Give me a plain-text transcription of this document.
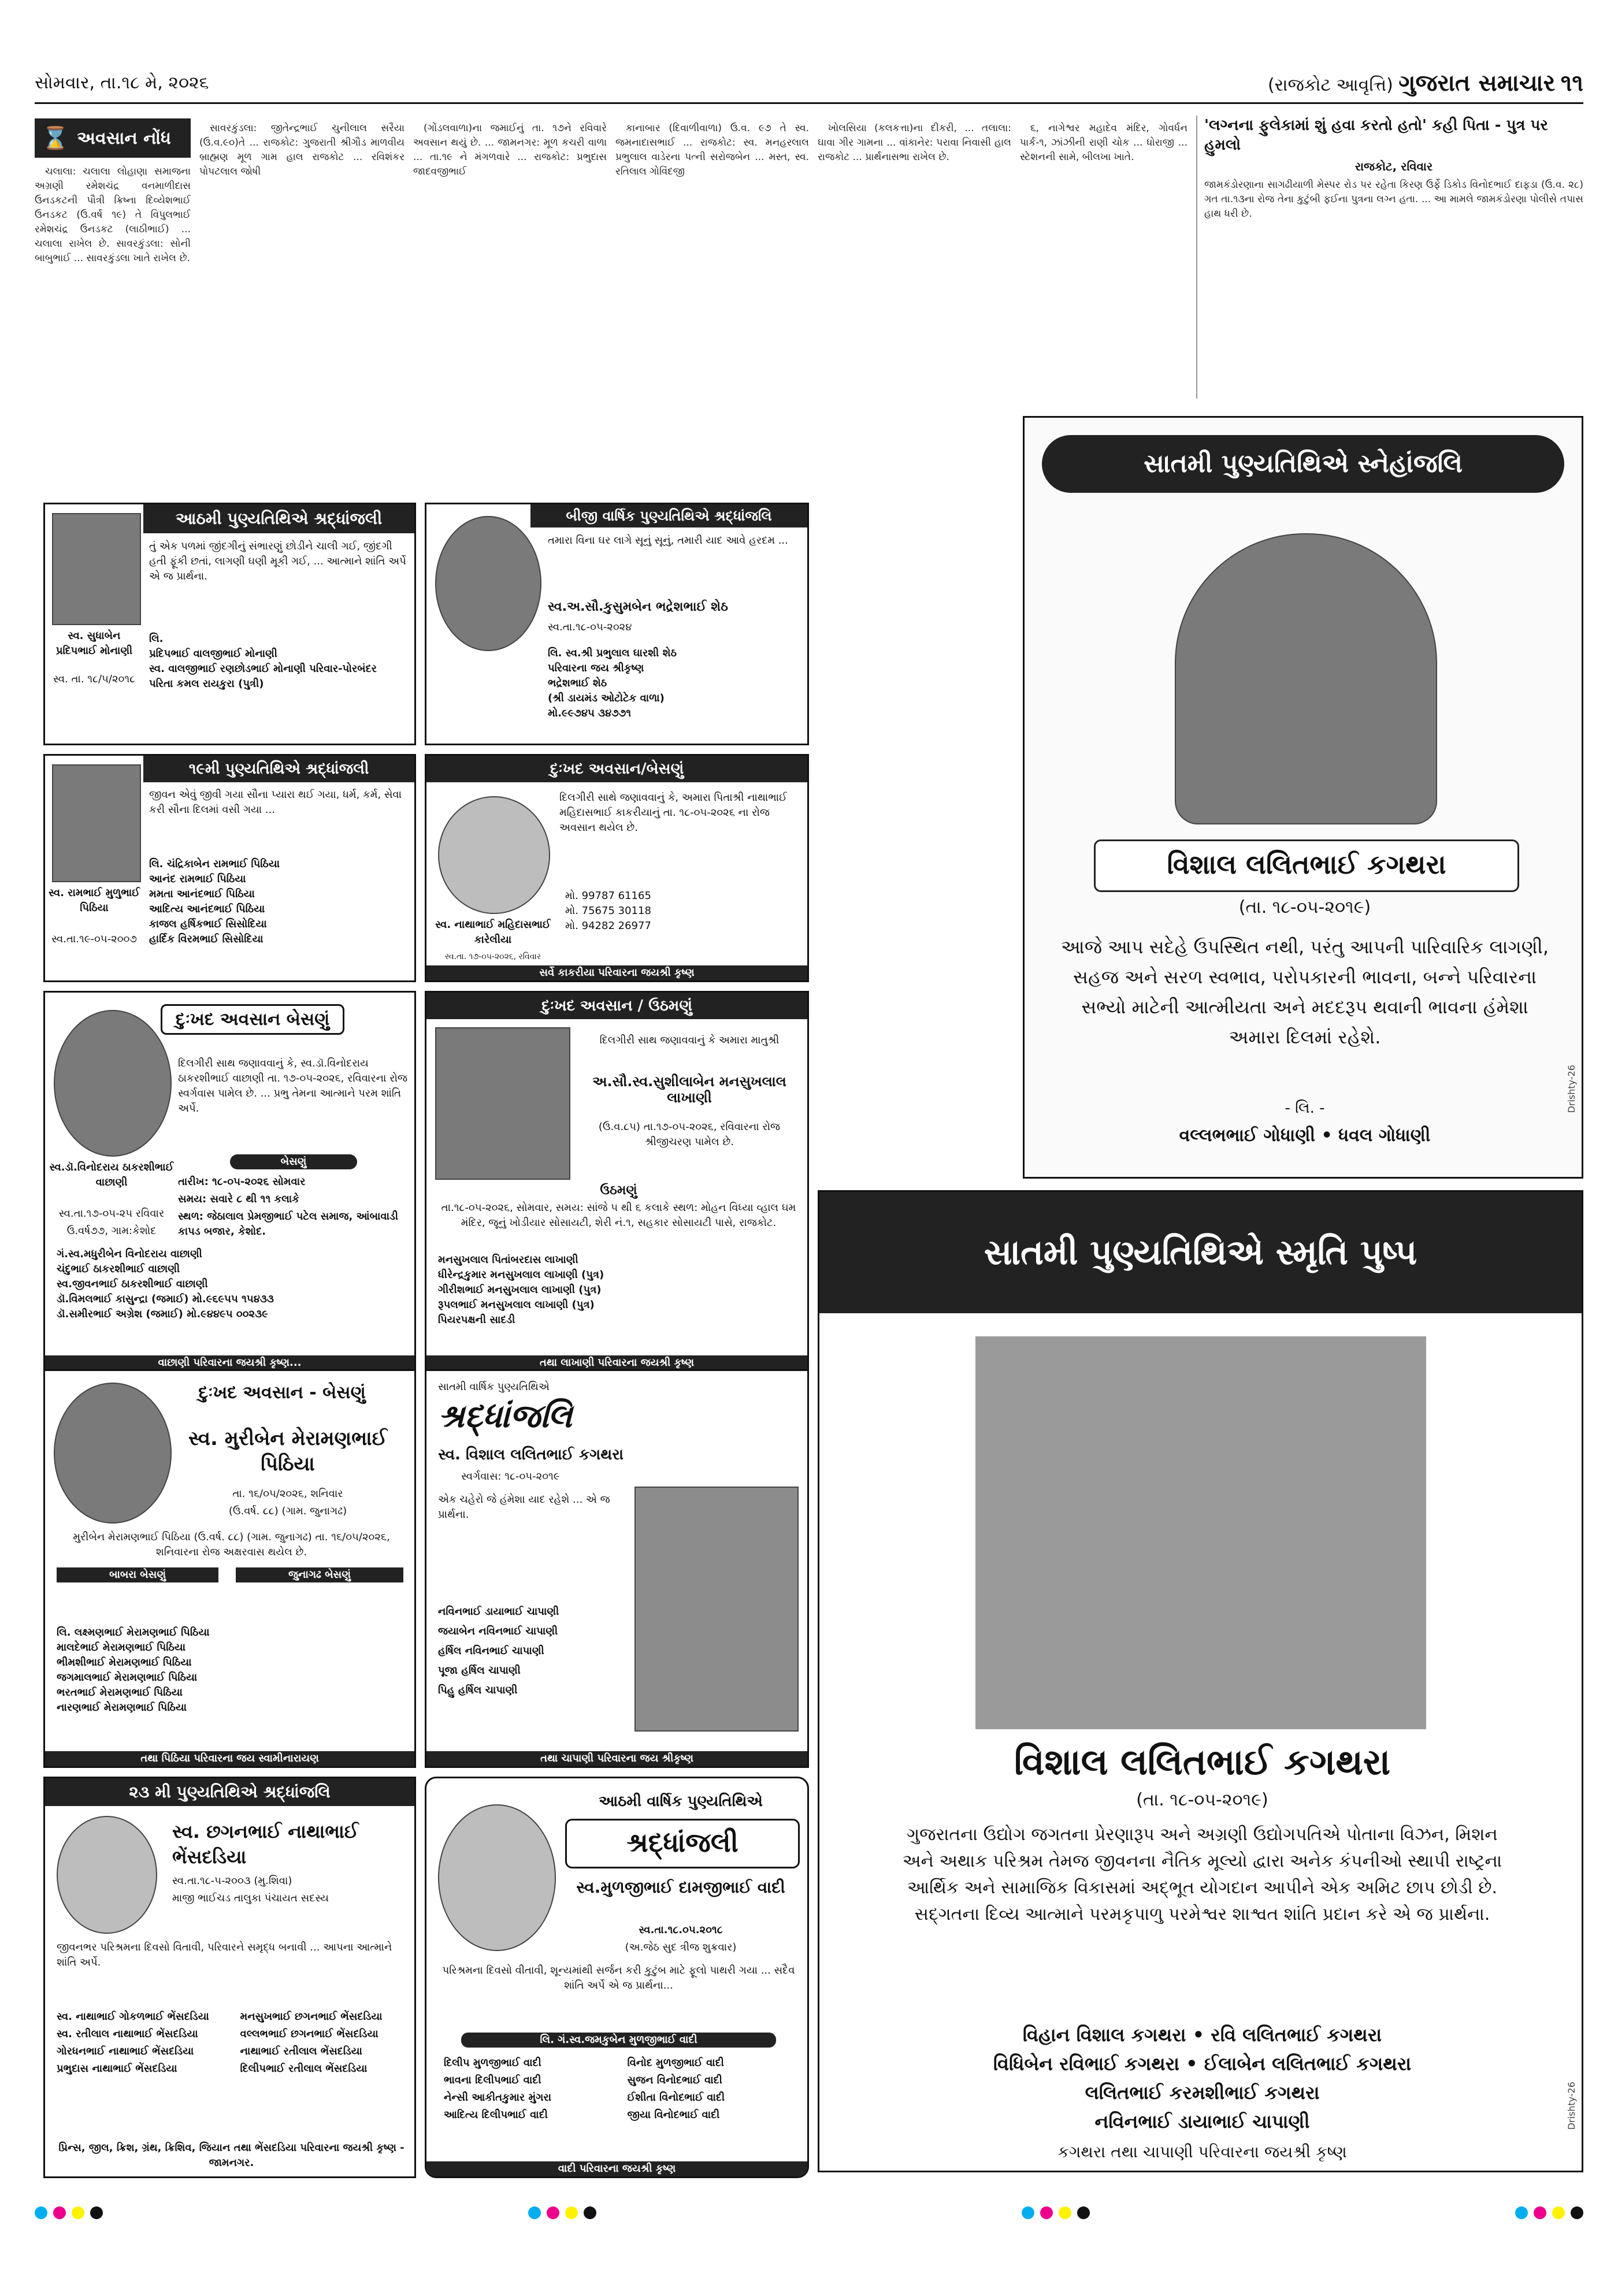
સોમવાર, તા.૧૮ મે, ૨૦૨૬	(રાજકોટ આવૃત્તિ) ગુજરાત સમાચાર ૧૧
⌛ અવસાન નોંધ

ચલાલા: ચલાલા લોહાણા સમાજના અગ્રણી રમેશચંદ્ર વનમાળીદાસ ઉનડકટની પૌત્રી ક્રિષ્ના દિવ્યેશભાઈ ઉનડકટ (ઉ.વર્ષ ૧૯) તે વિપુલભાઈ રમેશચંદ્ર ઉનડકટ (લાઠીભાઈ) ... ચલાલા રાખેલ છે. સાવરકુંડલા: સોની બાબુભાઈ ... સાવરકુંડલા ખાતે રાખેલ છે.

સાવરકુંડલા: જીતેન્દ્રભાઈ ચુનીલાલ સરૈયા (ઉ.વ.૯૦)તે ... રાજકોટ: ગુજરાતી શ્રીગૌડ માળવીય બ્રાહ્મણ મૂળ ગામ હાલ રાજકોટ ... રવિશંકર પોપટલાલ જોષી

(ગોંડલવાળા)ના જમાઈનું તા. ૧૭ને રવિવારે અવસાન થયું છે. ... જામનગર: મૂળ કચરી વાળા ... તા.૧૯ ને મંગળવારે ... રાજકોટ: પ્રભુદાસ જાદવજીભાઈ

કાનાબાર (દિવાળીવાળા) ઉ.વ. ૯૭ તે સ્વ. જમનાદાસભાઈ ... રાજકોટ: સ્વ. મનહરલાલ પ્રભુલાલ વાડેરના પત્ની સરોજબેન ... મસ્ત, સ્વ. રતિલાલ ગોવિંદજી

ખોલસિયા (કલકત્તા)ના દીકરી, ... તલાલા: ઘાવા ગીર ગામના ... વાંકાનેર: પરાવા નિવાસી હાલ રાજકોટ ... પ્રાર્થનાસભા રાખેલ છે.

૬, નાગેશ્વર મહાદેવ મંદિર, ગોવર્ધન પાર્ક-૧, ઝાંઝીની રાણી ચોક ... ધોરાજી ... સ્ટેશનની સામે, બીલખા ખાતે.

'લગ્નના ફુલેકામાં શું હવા કરતો હતો' કહી પિતા - પુત્ર પર હુમલો
રાજકોટ, રવિવાર
જામકંડોરણાના સાગઢીયાળી મેસ્પર રોડ પર રહેતા કિરણ ઉર્ફે ડિકોડ વિનોદભાઈ દાફડા (ઉ.વ. ૨૮) ગત તા.૧૩ના રોજ તેના કુટુંબી ફઈના પુત્રના લગ્ન હતા. ... આ મામલે જામકંડોરણા પોલીસે તપાસ હાથ ધરી છે.
સાતમી પુણ્યતિથિએ સ્નેહાંજલિ
વિશાલ લલિતભાઈ કગથરા
(તા. ૧૮-૦૫-૨૦૧૯)
આજે આપ સદેહે ઉપસ્થિત નથી, પરંતુ આપની પારિવારિક લાગણી, સહજ અને સરળ સ્વભાવ, પરોપકારની ભાવના, બન્ને પરિવારના સભ્યો માટેની આત્મીયતા અને મદદરૂપ થવાની ભાવના હંમેશા અમારા દિલમાં રહેશે.
- લિ. -
વલ્લભભાઈ ગોધાણી • ધવલ ગોધાણી
Drishty-26
સાતમી પુણ્યતિથિએ સ્મૃતિ પુષ્પ
વિશાલ લલિતભાઈ કગથરા
(તા. ૧૮-૦૫-૨૦૧૯)
ગુજરાતના ઉદ્યોગ જગતના પ્રેરણારૂપ અને અગ્રણી ઉદ્યોગપતિએ પોતાના વિઝન, મિશન અને અથાક પરિશ્રમ તેમજ જીવનના નૈતિક મૂલ્યો દ્વારા અનેક કંપનીઓ સ્થાપી રાષ્ટ્રના આર્થિક અને સામાજિક વિકાસમાં અદ્ભૂત યોગદાન આપીને એક અમિટ છાપ છોડી છે. સદ્ગતના દિવ્ય આત્માને પરમકૃપાળુ પરમેશ્વર શાશ્વત શાંતિ પ્રદાન કરે એ જ પ્રાર્થના.
વિહાન વિશાલ કગથરા • રવિ લલિતભાઈ કગથરા
વિધિબેન રવિભાઈ કગથરા • ઈલાબેન લલિતભાઈ કગથરા
લલિતભાઈ કરમશીભાઈ કગથરા
નવિનભાઈ ડાયાભાઈ ચાપાણી
કગથરા તથા ચાપાણી પરિવારના જયશ્રી કૃષ્ણ
Drishty-26
આઠમી પુણ્યતિથિએ શ્રદ્ધાંજલી
તું એક પળમાં જીંદગીનું સંભારણું છોડીને ચાલી ગઈ, જીંદગી હતી ફૂંકી છતાં, લાગણી ઘણી મૂકી ગઈ, ... આત્માને શાંતિ અર્પે એ જ પ્રાર્થના.
સ્વ. સુધાબેન પ્રદિપભાઈ મોનાણી
સ્વ. તા. ૧૮/૫/૨૦૧૮
લિ.
પ્રદિપભાઈ વાલજીભાઈ મોનાણી
સ્વ. વાલજીભાઈ રણછોડભાઈ મોનાણી પરિવાર-પોરબંદર
પરિતા કમલ રાયકુરા (પુત્રી)
બીજી વાર્ષિક પુણ્યતિથિએ શ્રદ્ધાંજલિ
તમારા વિના ઘર લાગે સૂનું સૂનું, તમારી યાદ આવે હરદમ ...
સ્વ.અ.સૌ.કુસુમબેન ભદ્રેશભાઈ શેઠ
સ્વ.તા.૧૮-૦૫-૨૦૨૪
લિ. સ્વ.શ્રી પ્રભુલાલ ઘારશી શેઠ
પરિવારના જય શ્રીકૃષ્ણ
ભદ્રેશભાઈ શેઠ
(શ્રી ડાયમંડ ઓટોટેક વાળા)
મો.૯૯૭૪૫ ૩૪૭૭૧
૧૯મી પુણ્યતિથિએ શ્રદ્ધાંજલી
જીવન એવું જીવી ગયા સૌના પ્યારા થઈ ગયા, ધર્મ, કર્મ, સેવા કરી સૌના દિલમાં વસી ગયા ...
સ્વ. રામભાઈ મુળુભાઈ પિઠિયા
સ્વ.તા.૧૯-૦૫-૨૦૦૭
લિ. ચંદ્રિકાબેન રામભાઈ પિઠિયા
આનંદ રામભાઈ પિઠિયા
મમતા આનંદભાઈ પિઠિયા
આદિત્ય આનંદભાઈ પિઠિયા
કાજલ હર્ષિકભાઈ સિસોદિયા
હાર્દિક વિરમભાઈ સિસોદિયા
દુઃખદ અવસાન/બેસણું
દિલગીરી સાથે જણાવવાનું કે, અમારા પિતાશ્રી નાથાભાઈ મહિદાસભાઈ કાકરીયાનું તા. ૧૮-૦૫-૨૦૨૬ ના રોજ અવસાન થયેલ છે.
સ્વ. નાથાભાઈ મહિદાસભાઈ કારેલીયા
સ્વ.તા. ૧૭-૦૫-૨૦૨૬, રવિવાર
મો. 99787 61165
મો. 75675 30118
મો. 94282 26977
સર્વે કાકરીયા પરિવારના જયશ્રી કૃષ્ણ
દુઃખદ અવસાન બેસણું
દિલગીરી સાથ જણાવવાનું કે, સ્વ.ડૉ.વિનોદરાય ઠાકરશીભાઈ વાછાણી તા. ૧૭-૦૫-૨૦૨૬, રવિવારના રોજ સ્વર્ગવાસ પામેલ છે. ... પ્રભુ તેમના આત્માને પરમ શાંતિ અર્પે.
સ્વ.ડૉ.વિનોદરાય ઠાકરશીભાઈ વાછાણી
સ્વ.તા.૧૭-૦૫-૨૫ રવિવાર
ઉ.વર્ષ૭૭, ગામ:કેશોદ
બેસણું
તારીખ: ૧૮-૦૫-૨૦૨૬ સોમવાર
સમય: સવારે ૮ થી ૧૧ કલાકે
સ્થળ: જેઠાલાલ પ્રેમજીભાઈ પટેલ સમાજ, આંબાવાડી કાપડ બજાર, કેશોદ.
ગં.સ્વ.મધુરીબેન વિનોદરાય વાછાણી
ચંદુભાઈ ઠાકરશીભાઈ વાછાણી
સ્વ.જીવનભાઈ ઠાકરશીભાઈ વાછાણી
ડૉ.વિમલભાઈ કાસુન્દ્રા (જમાઈ) મો.૯૬૯૫૫ ૧૫૪૩૩
ડૉ.સમીરભાઈ અગ્રેશ (જમાઈ) મો.૯૪૪૯૫ ૦૦૨૩૯
વાછાણી પરિવારના જયશ્રી કૃષ્ણ...
દુઃખદ અવસાન / ઉઠમણું
દિલગીરી સાથ જણાવવાનું કે અમારા માતુશ્રી
અ.સૌ.સ્વ.સુશીલાબેન મનસુખલાલ લાખાણી
(ઉ.વ.૮૫) તા.૧૭-૦૫-૨૦૨૬, રવિવારના રોજ શ્રીજીચરણ પામેલ છે.
ઉઠમણું
તા.૧૮-૦૫-૨૦૨૬, સોમવાર, સમય: સાંજે ૫ થી ૬ કલાકે સ્થળ: મોહન વિધ્યા વ્હાલ ઘમ મંદિર, જૂનું ખોડીયાર સોસાયટી, શેરી નં.૧, સહકાર સોસાયટી પાસે, રાજકોટ.
મનસુખલાલ પિતાંબરદાસ લાખાણી
ધીરેન્દ્રકુમાર મનસુખલાલ લાખાણી (પુત્ર)
ગીરીશભાઈ મનસુખલાલ લાખાણી (પુત્ર)
રૂપલભાઈ મનસુખલાલ લાખાણી (પુત્ર)
પિયરપક્ષની સાદડી
તથા લાખાણી પરિવારના જયશ્રી કૃષ્ણ
દુઃખદ અવસાન - બેસણું
સ્વ. મુરીબેન મેરામણભાઈ પિઠિયા
તા. ૧૬/૦૫/૨૦૨૬, શનિવાર
(ઉ.વર્ષ. ૮૮) (ગામ. જુનાગઢ)
મુરીબેન મેરામણભાઈ પિઠિયા (ઉ.વર્ષ. ૮૮) (ગામ. જુનાગઢ) તા. ૧૬/૦૫/૨૦૨૬, શનિવારના રોજ અક્ષરવાસ થયેલ છે.
બાબરા બેસણું	જુનાગઢ બેસણું
લિ. લક્ષ્મણભાઈ મેરામણભાઈ પિઠિયા
માલદેભાઈ મેરામણભાઈ પિઠિયા
ભીમશીભાઈ મેરામણભાઈ પિઠિયા
જગમાલભાઈ મેરામણભાઈ પિઠિયા
ભરતભાઈ મેરામણભાઈ પિઠિયા
નારણભાઈ મેરામણભાઈ પિઠિયા
તથા પિઠિયા પરિવારના જય સ્વામીનારાયણ
સાતમી વાર્ષિક પુણ્યતિથિએ
શ્રદ્ધાંજલિ
સ્વ. વિશાલ લલિતભાઈ કગથરા
સ્વર્ગવાસ: ૧૮-૦૫-૨૦૧૯
એક ચહેરો જે હંમેશા યાદ રહેશે ... એ જ પ્રાર્થના.
નવિનભાઈ ડાયાભાઈ ચાપાણી
જયાબેન નવિનભાઈ ચાપાણી
હર્ષિલ નવિનભાઈ ચાપાણી
પૂજા હર્ષિલ ચાપાણી
પિહુ હર્ષિલ ચાપાણી
તથા ચાપાણી પરિવારના જય શ્રીકૃષ્ણ
૨૩ મી પુણ્યતિથિએ શ્રદ્ધાંજલિ
સ્વ. છગનભાઈ નાથાભાઈ ભેંસદડિયા
સ્વ.તા.૧૮-૫-૨૦૦૩ (મુ.શિવા)
માજી ભાઈચડ તાલુકા પંચાયત સદસ્ય
જીવનભર પરિશ્રમના દિવસો વિતાવી, પરિવારને સમૃદ્ધ બનાવી ... આપના આત્માને શાંતિ અર્પે.
સ્વ. નાથાભાઈ ગોકળભાઈ ભેંસદડિયા	મનસુખભાઈ છગનભાઈ ભેંસદડિયા
સ્વ. રતીલાલ નાથાભાઈ ભેંસદડિયા	વલ્લભભાઈ છગનભાઈ ભેંસદડિયા
ગોરધનભાઈ નાથાભાઈ ભેંસદડિયા	નાથાભાઈ રતીલાલ ભેંસદડિયા
પ્રભુદાસ નાથાભાઈ ભેંસદડિયા	દિલીપભાઈ રતીલાલ ભેંસદડિયા
પ્રિન્સ, જીલ, ક્રિશ, ગ્રંથ, ક્રિશિવ, જિયાન તથા ભેંસદડિયા પરિવારના જયશ્રી કૃષ્ણ - જામનગર.
આઠમી વાર્ષિક પુણ્યતિથિએ
શ્રદ્ધાંજલી
સ્વ.મુળજીભાઈ દામજીભાઈ વાદી
સ્વ.તા.૧૮.૦૫.૨૦૧૮
(અ.જેઠ સુદ ત્રીજ શુક્રવાર)
પરિશ્રમના દિવસો વીતાવી, શૂન્યમાંથી સર્જન કરી કુટુંબ માટે ફૂલો પાથરી ગયા ... સદૈવ શાંતિ અર્પે એ જ પ્રાર્થના...
લિ. ગં.સ્વ.જમકુબેન મુળજીભાઈ વાદી
દિલીપ મુળજીભાઈ વાદી	વિનોદ મુળજીભાઈ વાદી
ભાવના દિલીપભાઈ વાદી	સુજન વિનોદભાઈ વાદી
નેન્સી આકીતકુમાર મુંગરા	ઈશીતા વિનોદભાઈ વાદી
આદિત્ય દિલીપભાઈ વાદી	જીયા વિનોદભાઈ વાદી
વાદી પરિવારના જયશ્રી કૃષ્ણ
